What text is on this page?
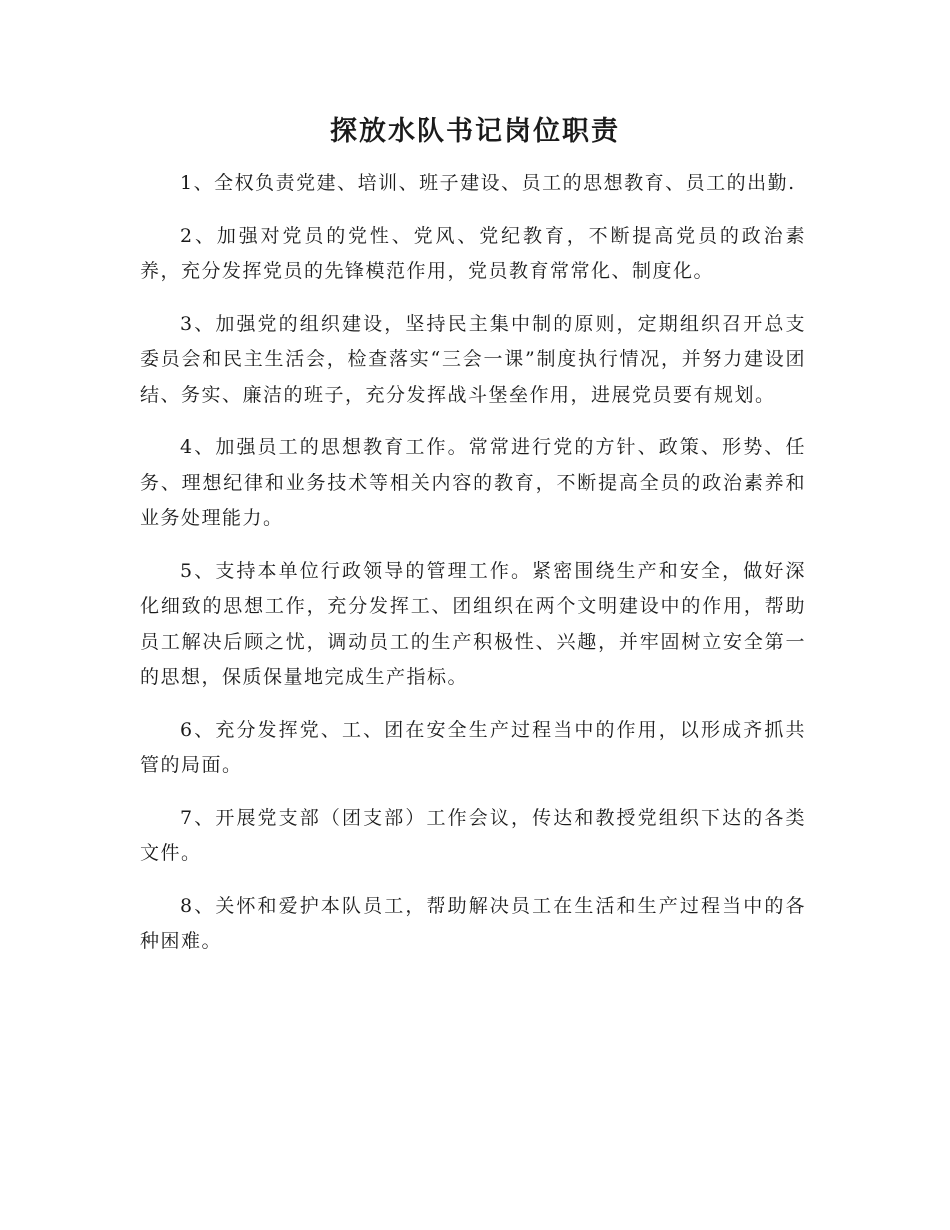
探放水队书记岗位职责

1、全权负责党建、培训、班子建设、员工的思想教育、员工的出勤.

2、加强对党员的党性、党风、党纪教育，不断提高党员的政治素养，充分发挥党员的先锋模范作用，党员教育常常化、制度化。

3、加强党的组织建设，坚持民主集中制的原则，定期组织召开总支委员会和民主生活会，检查落实“三会一课”制度执行情况，并努力建设团结、务实、廉洁的班子，充分发挥战斗堡垒作用，进展党员要有规划。

4、加强员工的思想教育工作。常常进行党的方针、政策、形势、任务、理想纪律和业务技术等相关内容的教育，不断提高全员的政治素养和业务处理能力。

5、支持本单位行政领导的管理工作。紧密围绕生产和安全，做好深化细致的思想工作，充分发挥工、团组织在两个文明建设中的作用，帮助员工解决后顾之忧，调动员工的生产积极性、兴趣，并牢固树立安全第一的思想，保质保量地完成生产指标。

6、充分发挥党、工、团在安全生产过程当中的作用，以形成齐抓共管的局面。

7、开展党支部（团支部）工作会议，传达和教授党组织下达的各类文件。

8、关怀和爱护本队员工，帮助解决员工在生活和生产过程当中的各种困难。
